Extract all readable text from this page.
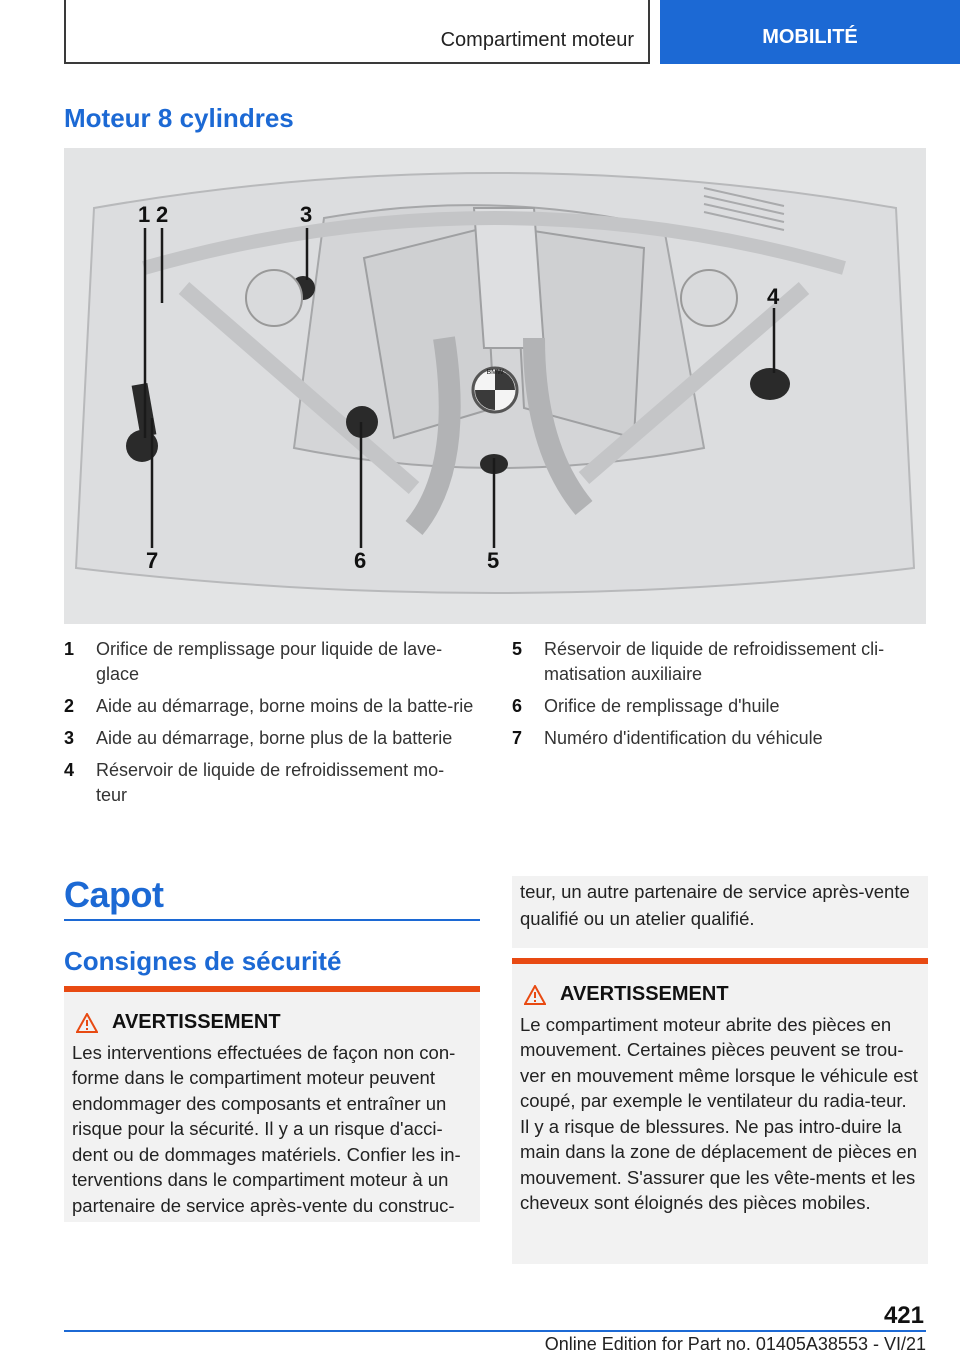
Compartiment moteur	MOBILITÉ
Moteur 8 cylindres
BMW
1 2	3
4
5
6
7
1	Orifice de remplissage pour liquide de lave-glace
2	Aide au démarrage, borne moins de la batte-rie
3	Aide au démarrage, borne plus de la batterie
4	Réservoir de liquide de refroidissement mo-teur
5	Réservoir de liquide de refroidissement cli-matisation auxiliaire
6	Orifice de remplissage d'huile
7	Numéro d'identification du véhicule
Capot
Consignes de sécurité
AVERTISSEMENT
Les interventions effectuées de façon non con-forme dans le compartiment moteur peuvent endommager des composants et entraîner un risque pour la sécurité. Il y a un risque d'acci-dent ou de dommages matériels. Confier les in-terventions dans le compartiment moteur à un partenaire de service après-vente du construc-
teur, un autre partenaire de service après-vente qualifié ou un atelier qualifié.
AVERTISSEMENT
Le compartiment moteur abrite des pièces en mouvement. Certaines pièces peuvent se trou-ver en mouvement même lorsque le véhicule est coupé, par exemple le ventilateur du radia-teur. Il y a risque de blessures. Ne pas intro-duire la main dans la zone de déplacement de pièces en mouvement. S'assurer que les vête-ments et les cheveux sont éloignés des pièces mobiles.
421
Online Edition for Part no. 01405A38553 - VI/21
